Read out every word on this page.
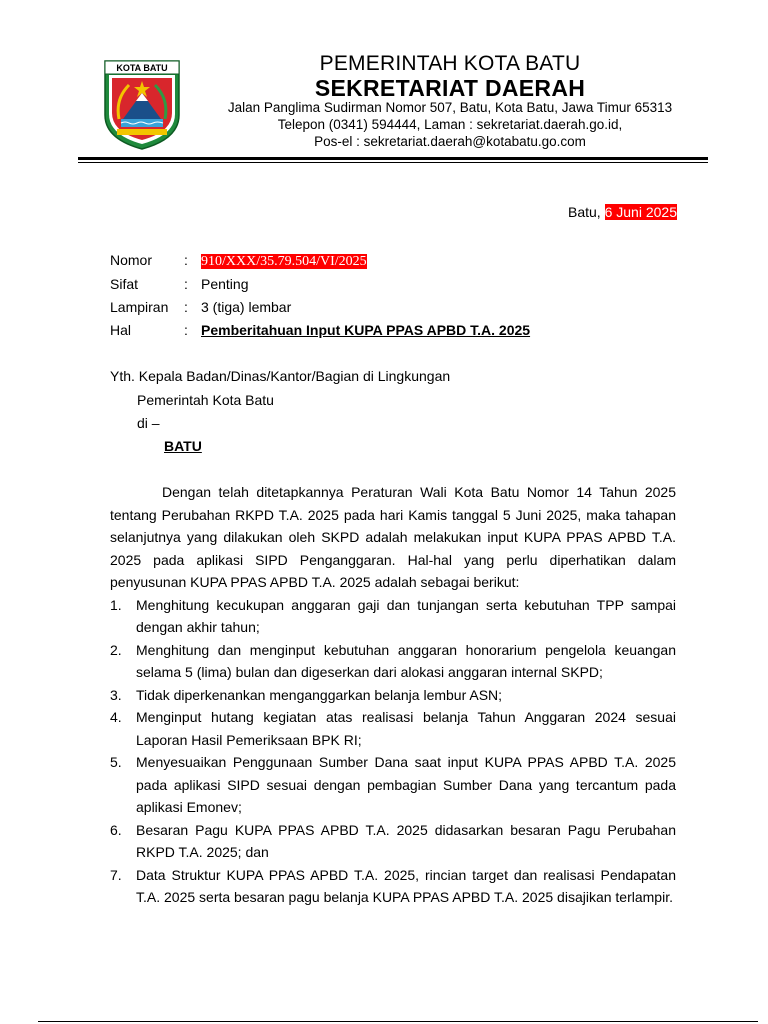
KOTA BATU	PEMERINTAH KOTA BATU
SEKRETARIAT DAERAH
Jalan Panglima Sudirman Nomor 507, Batu, Kota Batu, Jawa Timur 65313
Telepon (0341) 594444, Laman : sekretariat.daerah.go.id,
Pos-el : sekretariat.daerah@kotabatu.go.com
Batu, 6 Juni 2025
Nomor	: 910/XXX/35.79.504/VI/2025
Sifat	: Penting
Lampiran	: 3 (tiga) lembar
Hal	: Pemberitahuan Input KUPA PPAS APBD T.A. 2025
Yth. Kepala Badan/Dinas/Kantor/Bagian di Lingkungan
Pemerintah Kota Batu
di –
BATU

Dengan telah ditetapkannya Peraturan Wali Kota Batu Nomor 14 Tahun 2025 tentang Perubahan RKPD T.A. 2025 pada hari Kamis tanggal 5 Juni 2025, maka tahapan selanjutnya yang dilakukan oleh SKPD adalah melakukan input KUPA PPAS APBD T.A. 2025 pada aplikasi SIPD Penganggaran. Hal-hal yang perlu diperhatikan dalam penyusunan KUPA PPAS APBD T.A. 2025 adalah sebagai berikut:

1. Menghitung kecukupan anggaran gaji dan tunjangan serta kebutuhan TPP sampai dengan akhir tahun;
2. Menghitung dan menginput kebutuhan anggaran honorarium pengelola keuangan selama 5 (lima) bulan dan digeserkan dari alokasi anggaran internal SKPD;
3. Tidak diperkenankan menganggarkan belanja lembur ASN;
4. Menginput hutang kegiatan atas realisasi belanja Tahun Anggaran 2024 sesuai Laporan Hasil Pemeriksaan BPK RI;
5. Menyesuaikan Penggunaan Sumber Dana saat input KUPA PPAS APBD T.A. 2025 pada aplikasi SIPD sesuai dengan pembagian Sumber Dana yang tercantum pada aplikasi Emonev;
6. Besaran Pagu KUPA PPAS APBD T.A. 2025 didasarkan besaran Pagu Perubahan RKPD T.A. 2025; dan
7. Data Struktur KUPA PPAS APBD T.A. 2025, rincian target dan realisasi Pendapatan T.A. 2025 serta besaran pagu belanja KUPA PPAS APBD T.A. 2025 disajikan terlampir.
